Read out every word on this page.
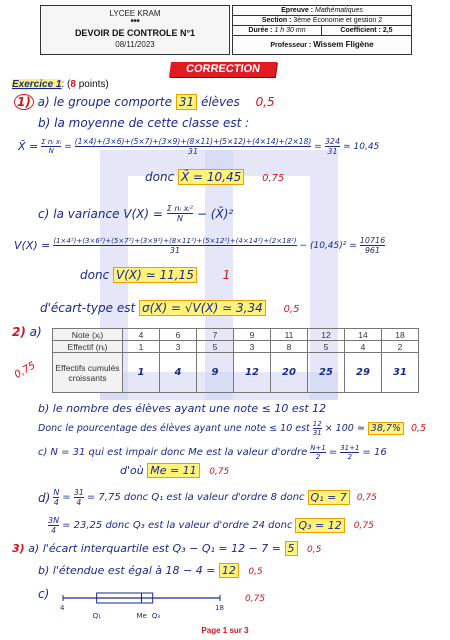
LYCEE KRAM
■■■
DEVOIR DE CONTROLE N°1
08/11/2023
Epreuve : Mathématiques
Section : 3ème Economie et gestion 2
Durée : 1 h 30 mn	Coefficient : 2,5
Professeur : Wissem Fligène
CORRECTION
Exercice 1: (8 points)
1) a) le groupe comporte 31 élèves 0,5
b) la moyenne de cette classe est :
X̄ = $\frac{\text{Σ nᵢ xᵢ}}{N} = \frac{(1\times 4)+(3\times 6)+(5\times 7)+(3\times 9)+(8\times 11)+(5\times 12)+(4\times 14)+(2\times 18)}{31} = \frac{324}{31}$ ≃ 10,45
donc X̄ = 10,45 0,75
c) la variance $V(X) = \frac{\text{Σ nᵢ xᵢ²}}{N}$ − (X̄)²
$V(X) = \frac{\text{(1×4²)+(3×6²)+(5×7²)+(3×9²)+(8×11²)+(5×12²)+(4×14²)+(2×18²)}}{31} - (10,45)^2 = \frac{10716}{961}$
donc V(X) ≃ 11,15 1
d'écart-type est σ(X) = √V(X) ≃ 3,34 0,5
2) a)
0,75
Note (xᵢ)	4	6	7	9	11	12	14	18
Effectif (nᵢ)	1	3	5	3	8	5	4	2
Effectifs cumulés croissants	1	4	9	12	20	25	29	31
b) le nombre des élèves ayant une note ≤ 10 est 12
Donc le pourcentage des élèves ayant une note ≤ 10 est $\frac{12}{31} \times 100$ ≃ 38,7%	0,5
c) N = 31 qui est impair donc Me est la valeur d'ordre $\frac{N+1}{2} = \frac{31+1}{2} = 16$
d'où Me = 11 0,75
$d) \frac{N}{4} = \frac{31}{4} = 7,75$ donc Q₁ est la valeur d'ordre 8 donc Q₁ = 7	0,75
$\frac{3N}{4} = 23,25$ donc Q₃ est la valeur d'ordre 24 donc Q₃ = 12	0,75
3) a) l'écart interquartile est Q₃ − Q₁ = 12 − 7 = 5 0,5
b) l'étendue est égal à 18 − 4 = 12 0,5
c)	0,75
4	18
Q₁	Me Q₃
Page 1 sur 3
